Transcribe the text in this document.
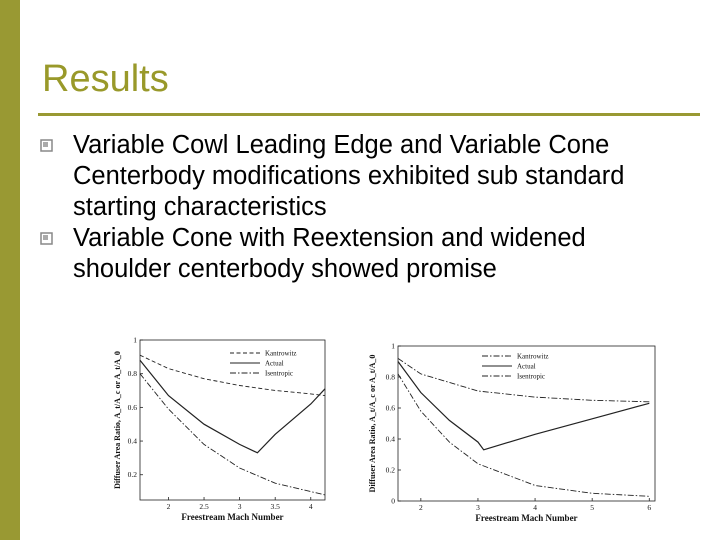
Results
Variable Cowl Leading Edge and Variable Cone Centerbody modifications exhibited sub standard starting characteristics
Variable Cone with Reextension and widened shoulder centerbody showed promise
2	2.5	3	3.5	4
0.2
0.4
0.6
0.8
1
Freestream Mach Number
Diffuser Area Ratio, A_t/A_c or A_t/A_0	Kantrowitz
Actual
Isentropic
2	3	4	5	6
0
0.2
0.4
0.6
0.8
1
Freestream Mach Number
Diffuser Area Ratio, A_t/A_c or A_t/A_0	Kantrowitz
Actual
Isentropic
